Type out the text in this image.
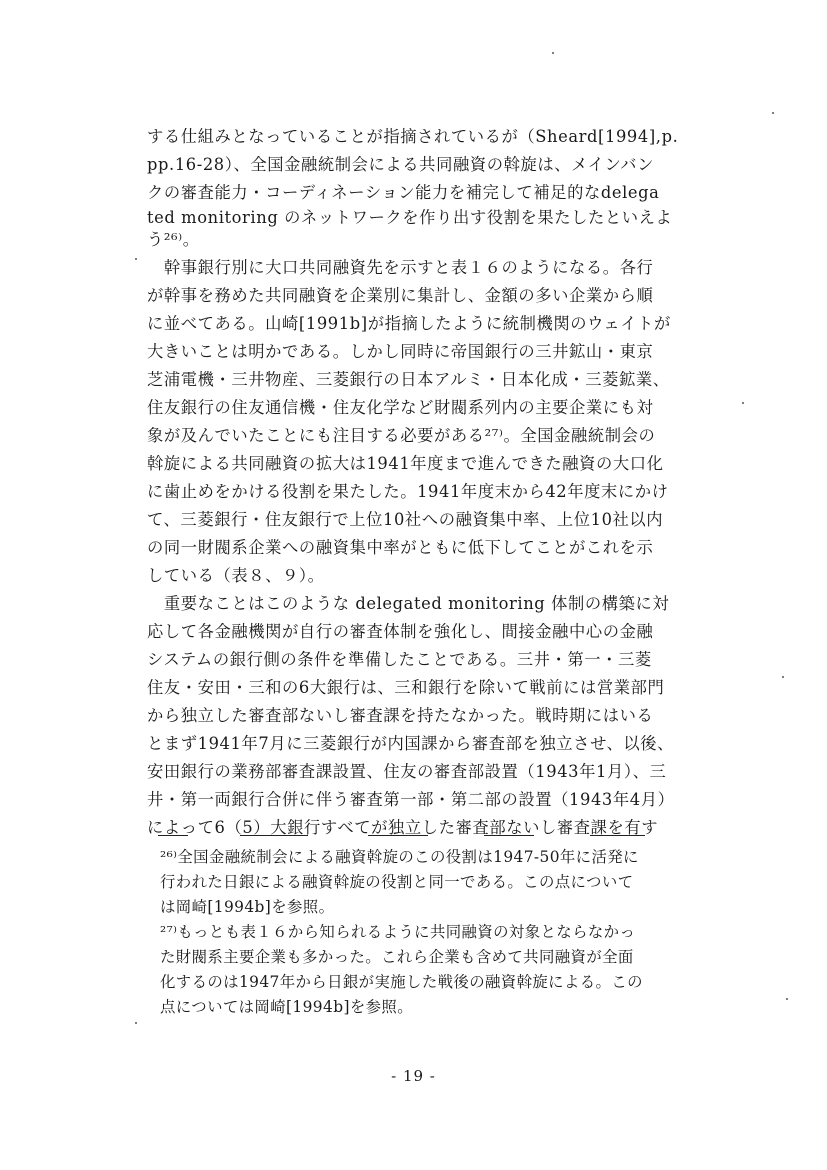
する仕組みとなっていることが指摘されているが（Sheard[1994],p.
pp.16-28）、全国金融統制会による共同融資の斡旋は、メインバン
クの審査能力・コーディネーション能力を補完して補足的なdelega
ted monitoring のネットワークを作り出す役割を果たしたといえよ
う²⁶⁾。
　幹事銀行別に大口共同融資先を示すと表１６のようになる。各行
が幹事を務めた共同融資を企業別に集計し、金額の多い企業から順
に並べてある。山崎[1991b]が指摘したように統制機関のウェイトが
大きいことは明かである。しかし同時に帝国銀行の三井鉱山・東京
芝浦電機・三井物産、三菱銀行の日本アルミ・日本化成・三菱鉱業、
住友銀行の住友通信機・住友化学など財閥系列内の主要企業にも対
象が及んでいたことにも注目する必要がある²⁷⁾。全国金融統制会の
斡旋による共同融資の拡大は1941年度まで進んできた融資の大口化
に歯止めをかける役割を果たした。1941年度末から42年度末にかけ
て、三菱銀行・住友銀行で上位10社への融資集中率、上位10社以内
の同一財閥系企業への融資集中率がともに低下してことがこれを示
している（表８、９）。
　重要なことはこのような delegated monitoring 体制の構築に対
応して各金融機関が自行の審査体制を強化し、間接金融中心の金融
システムの銀行側の条件を準備したことである。三井・第一・三菱
住友・安田・三和の6大銀行は、三和銀行を除いて戦前には営業部門
から独立した審査部ないし審査課を持たなかった。戦時期にはいる
とまず1941年7月に三菱銀行が内国課から審査部を独立させ、以後、
安田銀行の業務部審査課設置、住友の審査部設置（1943年1月）、三
井・第一両銀行合併に伴う審査第一部・第二部の設置（1943年4月）
によって6（5）大銀行すべてが独立した審査部ないし審査課を有す
²⁶⁾全国金融統制会による融資斡旋のこの役割は1947-50年に活発に
行われた日銀による融資斡旋の役割と同一である。この点について
は岡崎[1994b]を参照。
²⁷⁾もっとも表１６から知られるように共同融資の対象とならなかっ
た財閥系主要企業も多かった。これら企業も含めて共同融資が全面
化するのは1947年から日銀が実施した戦後の融資斡旋による。この
点については岡崎[1994b]を参照。
- 19 -
